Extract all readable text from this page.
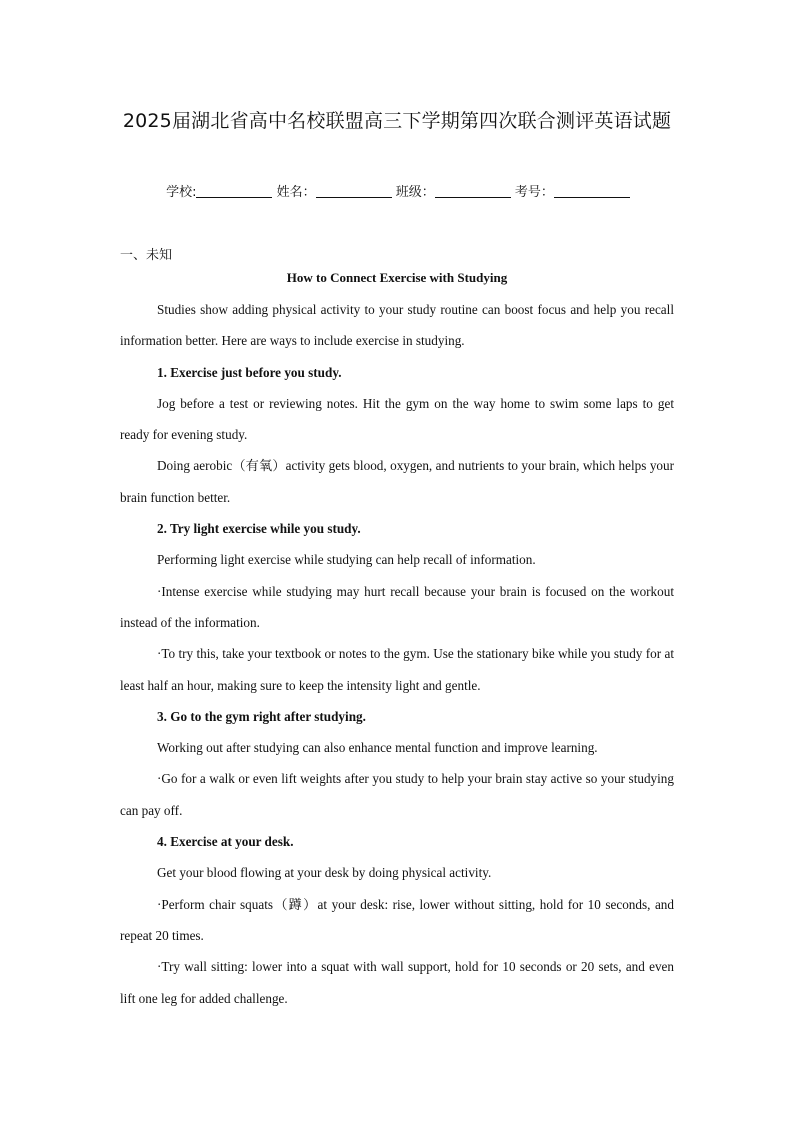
2025届湖北省高中名校联盟高三下学期第四次联合测评英语试题
学校:	姓名：	班级：	考号：
一、未知
How to Connect Exercise with Studying

Studies show adding physical activity to your study routine can boost focus and help you recall information better. Here are ways to include exercise in studying.

1. Exercise just before you study.

Jog before a test or reviewing notes. Hit the gym on the way home to swim some laps to get ready for evening study.

Doing aerobic（有氧）activity gets blood, oxygen, and nutrients to your brain, which helps your brain function better.

2. Try light exercise while you study.

Performing light exercise while studying can help recall of information.

·Intense exercise while studying may hurt recall because your brain is focused on the workout instead of the information.

·To try this, take your textbook or notes to the gym. Use the stationary bike while you study for at least half an hour, making sure to keep the intensity light and gentle.

3. Go to the gym right after studying.

Working out after studying can also enhance mental function and improve learning.

·Go for a walk or even lift weights after you study to help your brain stay active so your studying can pay off.

4. Exercise at your desk.

Get your blood flowing at your desk by doing physical activity.

·Perform chair squats（蹲）at your desk: rise, lower without sitting, hold for 10 seconds, and repeat 20 times.

·Try wall sitting: lower into a squat with wall support, hold for 10 seconds or 20 sets, and even lift one leg for added challenge.
